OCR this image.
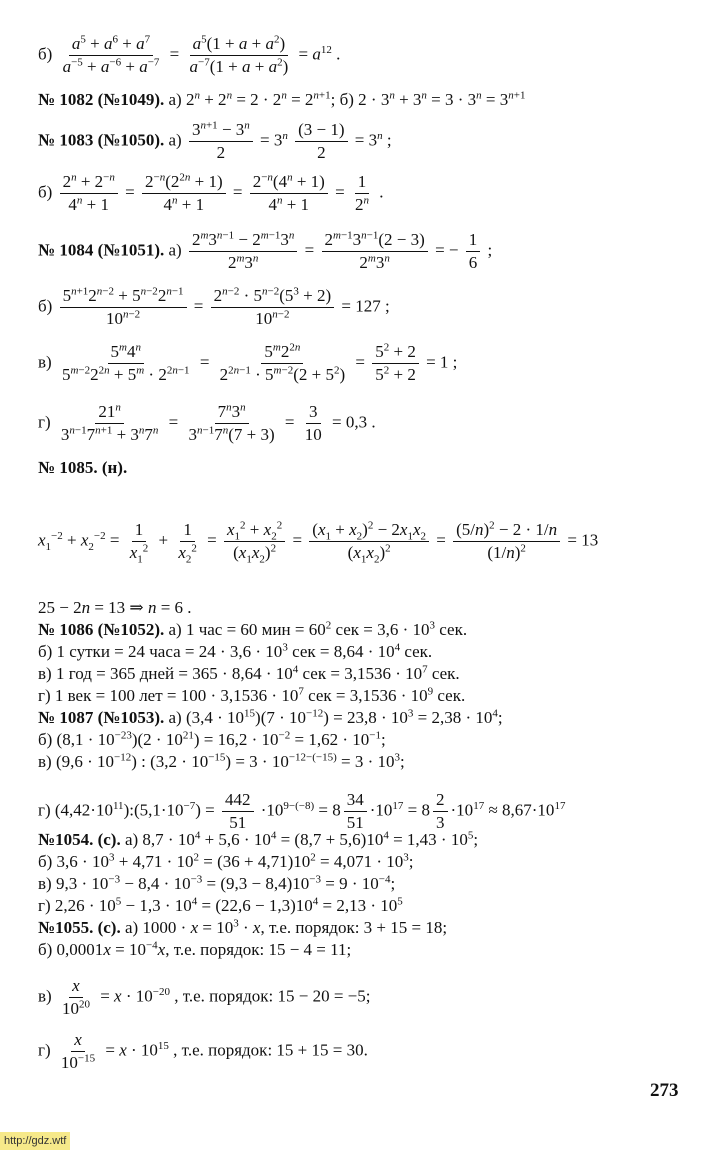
$б) \frac{a^5 + a^6 + a^7}{a^{-5} + a^{-6} + a^{-7}} = \frac{a^5(1 + a + a^2)}{a^{-7}(1 + a + a^2)} = a^{12}$ .
№ 1082 (№1049). а) $2^n + 2^n = 2 \cdot 2^n = 2^{n+1}$; б) $2 \cdot 3^n + 3^n = 3 \cdot 3^n = 3^{n+1}$
№ 1083 (№1050). $а) \frac{3^{n+1} - 3^n}{2} = 3^n \frac{(3 - 1)}{2} = 3^n$ ;
$б) \frac{2^n + 2^{-n}}{4^n + 1} = \frac{2^{-n}(2^{2n} + 1)}{4^n + 1} = \frac{2^{-n}(4^n + 1)}{4^n + 1} = \frac{1}{2^n}$ .
№ 1084 (№1051). $а) \frac{2^m3^{n-1} - 2^{m-1}3^n}{2^m3^n} = \frac{2^{m-1}3^{n-1}(2 - 3)}{2^m3^n}$ = − $\frac{1}{6}$ ;
$б) \frac{5^{n+1}2^{n-2} + 5^{n-2}2^{n-1}}{10^{n-2}} = \frac{2^{n-2} \cdot 5^{n-2}(5^3 + 2)}{10^{n-2}} = 127$ ;
$в) \frac{5^m4^n}{5^{m-2}2^{2n} + 5^m \cdot 2^{2n-1}} = \frac{5^m2^{2n}}{2^{2n-1} \cdot 5^{m-2}(2 + 5^2)} = \frac{5^2 + 2}{5^2 + 2} = 1$ ;
$г) \frac{21^n}{3^{n-1}7^{n+1} + 3^n7^n} = \frac{7^n3^n}{3^{n-1}7^n(7 + 3)} = \frac{3}{10} = 0,3$ .
№ 1085. (н).
$x_1^{-2} + x_2^{-2} = \frac{1}{x_1^2} + \frac{1}{x_2^2} = \frac{x_1^2 + x_2^2}{(x_1x_2)^2} = \frac{(x_1 + x_2)^2 - 2x_1x_2}{(x_1x_2)^2} = \frac{(5/n)^2 - 2 \cdot 1/n}{(1/n)^2} = 13$
25 − 2n = 13 ⇒ n = 6 .
№ 1086 (№1052). а) 1 час = 60 мин = $60^2$ сек = $3,6 \cdot 10^3$ сек.
б) 1 сутки = 24 часа = $24 \cdot 3,6 \cdot 10^3$ сек = $8,64 \cdot 10^4$ сек.
в) 1 год = 365 дней = $365 \cdot 8,64 \cdot 10^4$ сек = $3,1536 \cdot 10^7$ сек.
г) 1 век = 100 лет = $100 \cdot 3,1536 \cdot 10^7$ сек = $3,1536 \cdot 10^9$ сек.
№ 1087 (№1053). а) $(3,4 \cdot 10^{15})(7 \cdot 10^{-12}) = 23,8 \cdot 10^3 = 2,38 \cdot 10^4$;
б) $(8,1 \cdot 10^{-23})(2 \cdot 10^{21}) = 16,2 \cdot 10^{-2} = 1,62 \cdot 10^{-1}$;
в) $(9,6 \cdot 10^{-12})$ : $(3,2 \cdot 10^{-15}) = 3 \cdot 10^{-12-(-15)} = 3 \cdot 10^3$;
г) $(4,42\cdot 10^{11}):(5,1\cdot 10^{-7}) = \frac{442}{51} \cdot 10^{9-(-8)} = 8 \frac{34}{51} \cdot 10^{17} = 8 \frac{2}{3} \cdot 10^{17} \approx 8,67\cdot 10^{17}$
№1054. (с). а) $8,7 \cdot 10^4 + 5,6 \cdot 10^4 = (8,7 + 5,6)10^4 = 1,43 \cdot 10^5$;
б) $3,6 \cdot 10^3 + 4,71 \cdot 10^2 = (36 + 4,71)10^2 = 4,071 \cdot 10^3$;
в) $9,3 \cdot 10^{-3} - 8,4 \cdot 10^{-3} = (9,3 - 8,4)10^{-3} = 9 \cdot 10^{-4}$;
г) $2,26 \cdot 10^5 - 1,3 \cdot 10^4 = (22,6 - 1,3)10^4 = 2,13 \cdot 10^5$
№1055. (с). а) $1000 \cdot x = 10^3 \cdot x$, т.е. порядок: 3 + 15 = 18;
б) $0,0001x = 10^{-4}x$, т.е. порядок: 15 − 4 = 11;
$в) \frac{x}{10^{20}} = x \cdot 10^{-20}$ , т.е. порядок: 15 − 20 = −5;
$г) \frac{x}{10^{-15}} = x \cdot 10^{15}$ , т.е. порядок: 15 + 15 = 30.
273
http://gdz.wtf
